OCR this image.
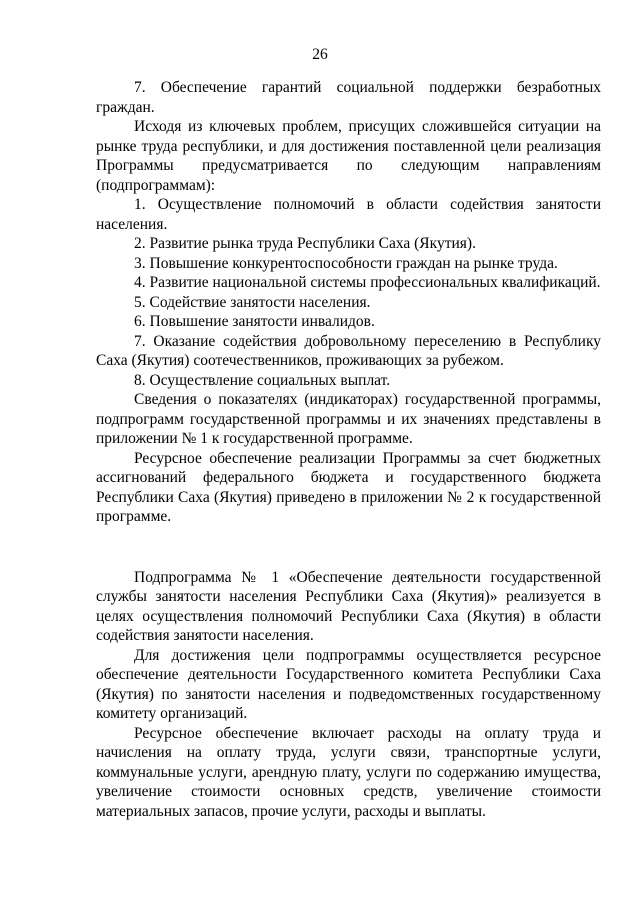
26

7. Обеспечение гарантий социальной поддержки безработных граждан.

Исходя из ключевых проблем, присущих сложившейся ситуации на рынке труда республики, и для достижения поставленной цели реализация Программы предусматривается по следующим направлениям (подпрограммам):

1. Осуществление полномочий в области содействия занятости населения.

2. Развитие рынка труда Республики Саха (Якутия).

3. Повышение конкурентоспособности граждан на рынке труда.

4. Развитие национальной системы профессиональных квалификаций.

5. Содействие занятости населения.

6. Повышение занятости инвалидов.

7. Оказание содействия добровольному переселению в Республику Саха (Якутия) соотечественников, проживающих за рубежом.

8. Осуществление социальных выплат.

Сведения о показателях (индикаторах) государственной программы, подпрограмм государственной программы и их значениях представлены в приложении № 1 к государственной программе.

Ресурсное обеспечение реализации Программы за счет бюджетных ассигнований федерального бюджета и государственного бюджета Республики Саха (Якутия) приведено в приложении № 2 к государственной программе.

Подпрограмма № 1 «Обеспечение деятельности государственной службы занятости населения Республики Саха (Якутия)» реализуется в целях осуществления полномочий Республики Саха (Якутия) в области содействия занятости населения.

Для достижения цели подпрограммы осуществляется ресурсное обеспечение деятельности Государственного комитета Республики Саха (Якутия) по занятости населения и подведомственных государственному комитету организаций.

Ресурсное обеспечение включает расходы на оплату труда и начисления на оплату труда, услуги связи, транспортные услуги, коммунальные услуги, арендную плату, услуги по содержанию имущества, увеличение стоимости основных средств, увеличение стоимости материальных запасов, прочие услуги, расходы и выплаты.
